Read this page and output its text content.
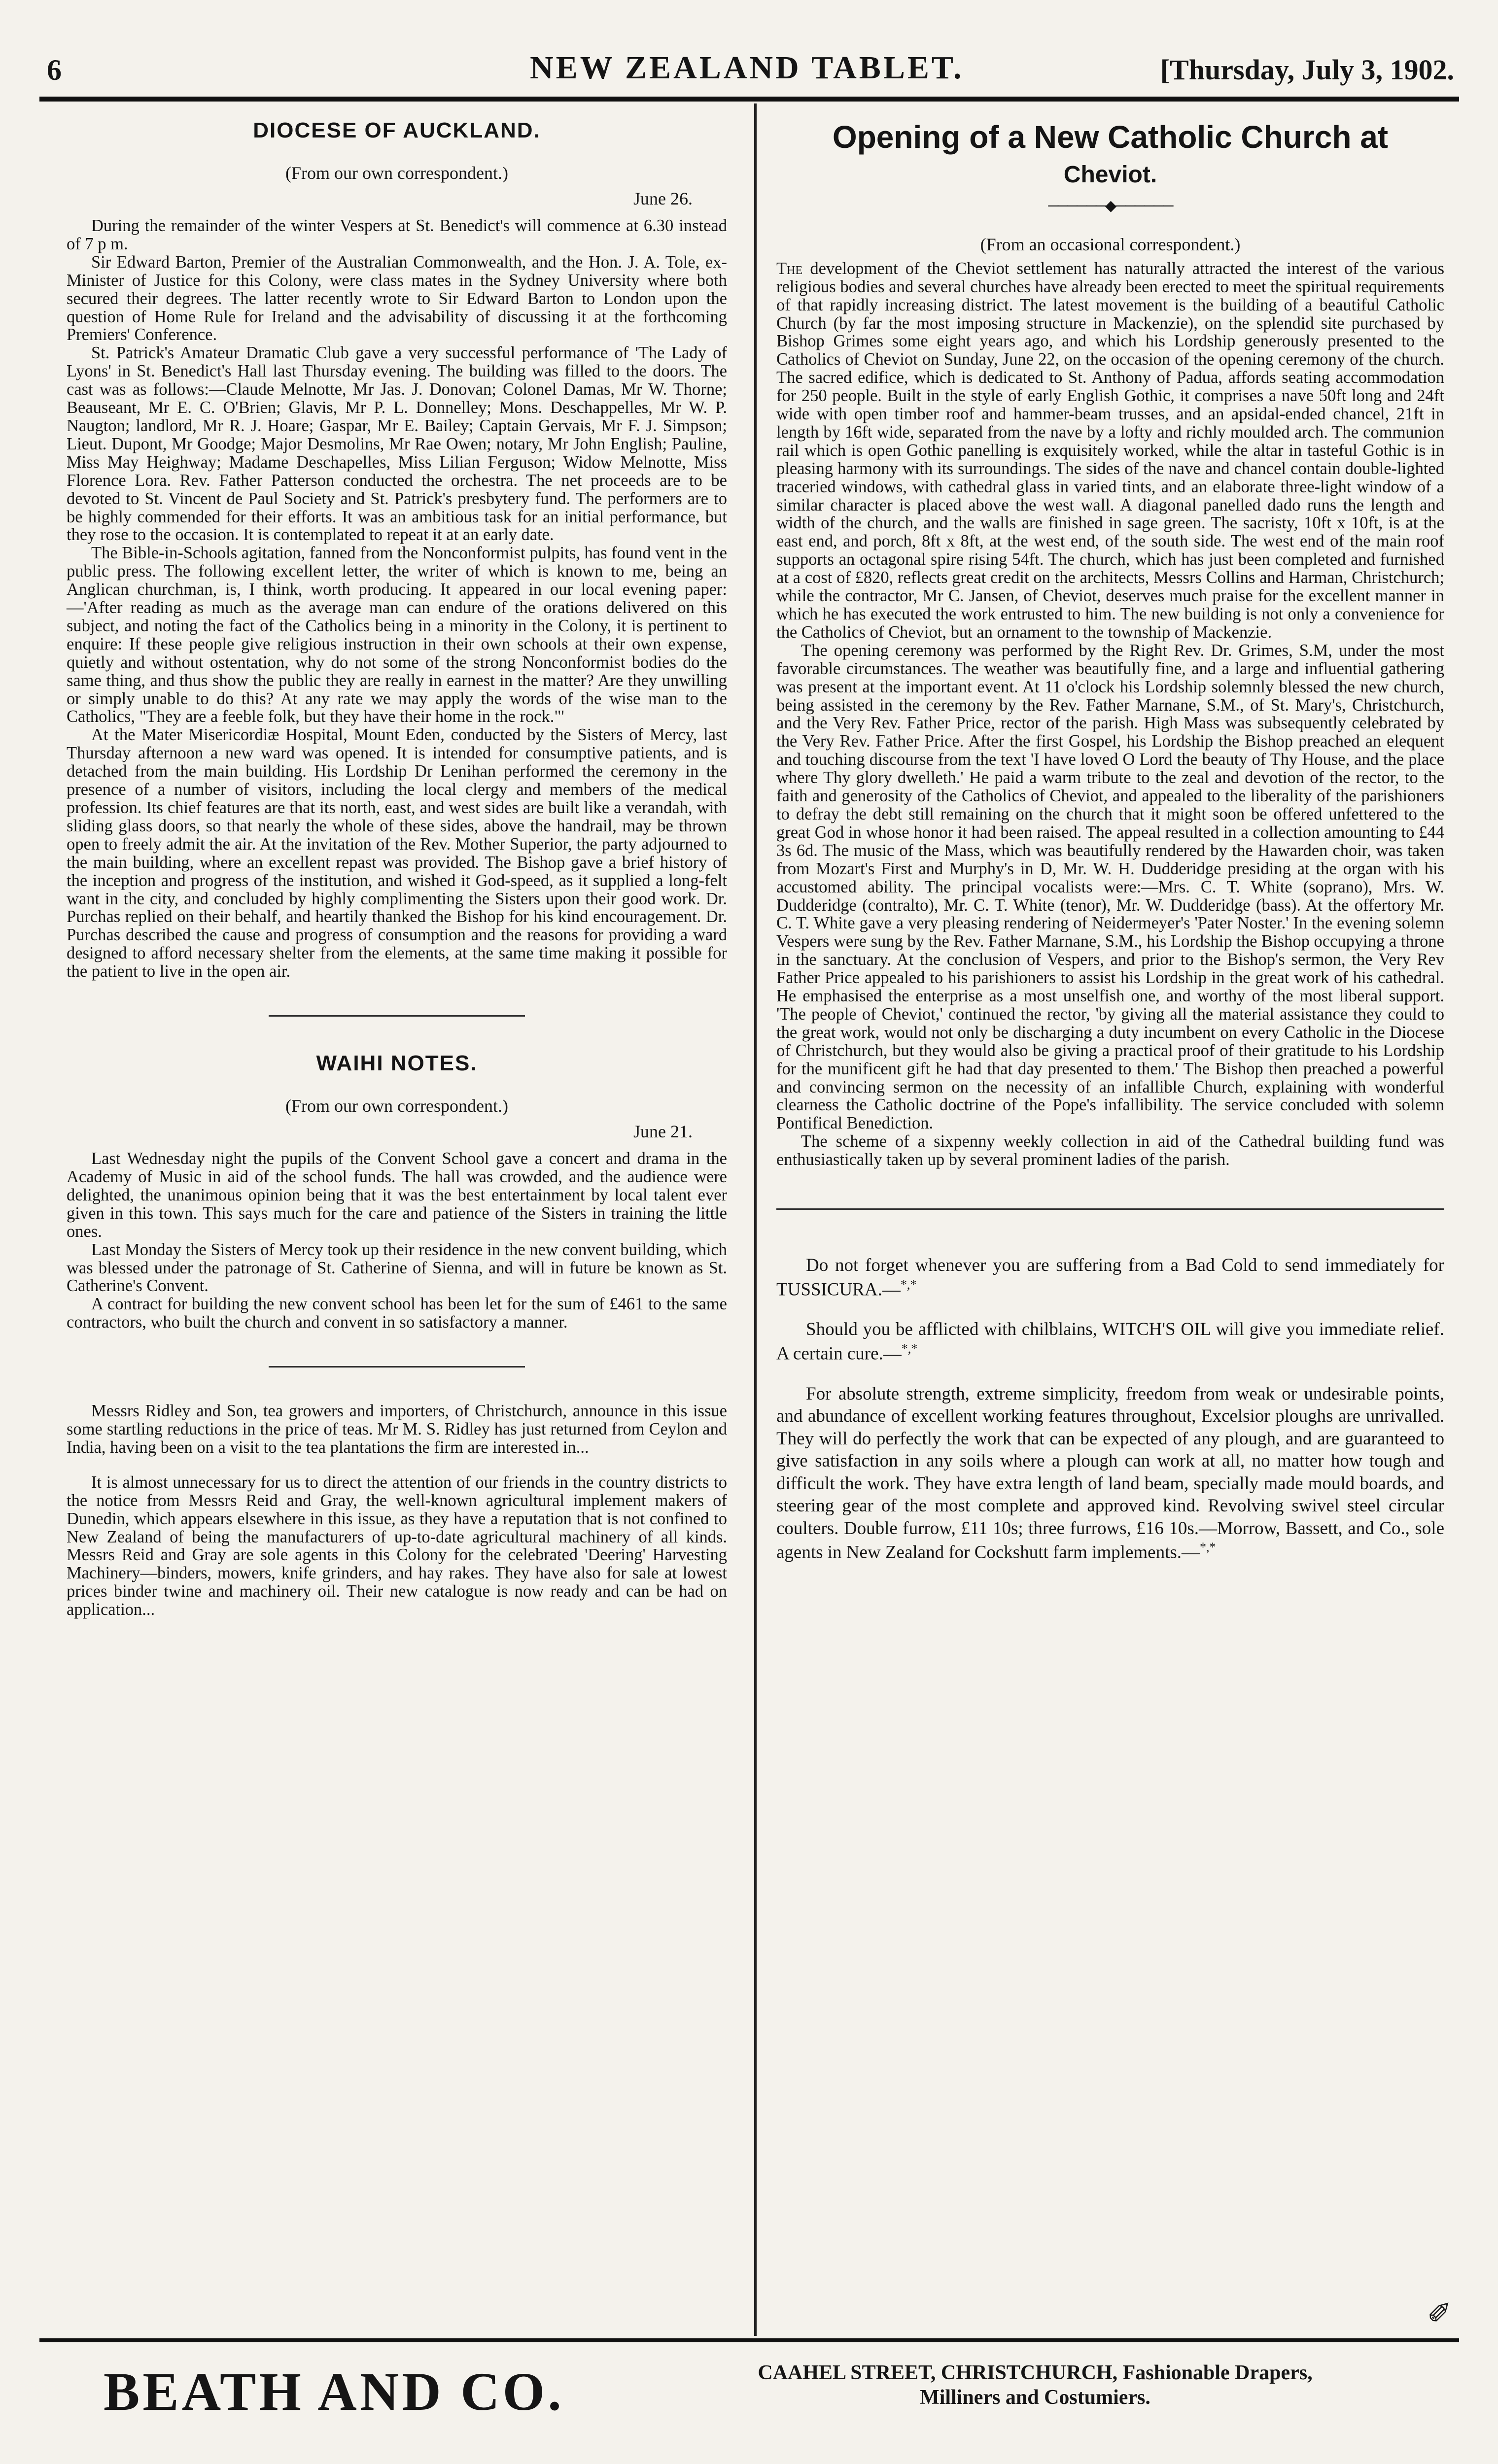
6	NEW ZEALAND TABLET.	[Thursday, July 3, 1902.
DIOCESE OF AUCKLAND.
(From our own correspondent.)
June 26.

During the remainder of the winter Vespers at St. Benedict's will commence at 6.30 instead of 7 p m.

Sir Edward Barton, Premier of the Australian Commonwealth, and the Hon. J. A. Tole, ex-Minister of Justice for this Colony, were class mates in the Sydney University where both secured their degrees. The latter recently wrote to Sir Edward Barton to London upon the question of Home Rule for Ireland and the advisability of discussing it at the forthcoming Premiers' Conference.

St. Patrick's Amateur Dramatic Club gave a very successful performance of 'The Lady of Lyons' in St. Benedict's Hall last Thursday evening. The building was filled to the doors. The cast was as follows:—Claude Melnotte, Mr Jas. J. Donovan; Colonel Damas, Mr W. Thorne; Beauseant, Mr E. C. O'Brien; Glavis, Mr P. L. Donnelley; Mons. Deschappelles, Mr W. P. Naugton; landlord, Mr R. J. Hoare; Gaspar, Mr E. Bailey; Captain Gervais, Mr F. J. Simpson; Lieut. Dupont, Mr Goodge; Major Desmolins, Mr Rae Owen; notary, Mr John English; Pauline, Miss May Heighway; Madame Deschapelles, Miss Lilian Ferguson; Widow Melnotte, Miss Florence Lora. Rev. Father Patterson conducted the orchestra. The net proceeds are to be devoted to St. Vincent de Paul Society and St. Patrick's presbytery fund. The performers are to be highly commended for their efforts. It was an ambitious task for an initial performance, but they rose to the occasion. It is contemplated to repeat it at an early date.

The Bible-in-Schools agitation, fanned from the Nonconformist pulpits, has found vent in the public press. The following excellent letter, the writer of which is known to me, being an Anglican churchman, is, I think, worth producing. It appeared in our local evening paper:—'After reading as much as the average man can endure of the orations delivered on this subject, and noting the fact of the Catholics being in a minority in the Colony, it is pertinent to enquire: If these people give religious instruction in their own schools at their own expense, quietly and without ostentation, why do not some of the strong Nonconformist bodies do the same thing, and thus show the public they are really in earnest in the matter? Are they unwilling or simply unable to do this? At any rate we may apply the words of the wise man to the Catholics, "They are a feeble folk, but they have their home in the rock."'

At the Mater Misericordiæ Hospital, Mount Eden, conducted by the Sisters of Mercy, last Thursday afternoon a new ward was opened. It is intended for consumptive patients, and is detached from the main building. His Lordship Dr Lenihan performed the ceremony in the presence of a number of visitors, including the local clergy and members of the medical profession. Its chief features are that its north, east, and west sides are built like a verandah, with sliding glass doors, so that nearly the whole of these sides, above the handrail, may be thrown open to freely admit the air. At the invitation of the Rev. Mother Superior, the party adjourned to the main building, where an excellent repast was provided. The Bishop gave a brief history of the inception and progress of the institution, and wished it God-speed, as it supplied a long-felt want in the city, and concluded by highly complimenting the Sisters upon their good work. Dr. Purchas replied on their behalf, and heartily thanked the Bishop for his kind encouragement. Dr. Purchas described the cause and progress of consumption and the reasons for providing a ward designed to afford necessary shelter from the elements, at the same time making it possible for the patient to live in the open air.

WAIHI NOTES.
(From our own correspondent.)
June 21.

Last Wednesday night the pupils of the Convent School gave a concert and drama in the Academy of Music in aid of the school funds. The hall was crowded, and the audience were delighted, the unanimous opinion being that it was the best entertainment by local talent ever given in this town. This says much for the care and patience of the Sisters in training the little ones.

Last Monday the Sisters of Mercy took up their residence in the new convent building, which was blessed under the patronage of St. Catherine of Sienna, and will in future be known as St. Catherine's Convent.

A contract for building the new convent school has been let for the sum of £461 to the same contractors, who built the church and convent in so satisfactory a manner.

Messrs Ridley and Son, tea growers and importers, of Christchurch, announce in this issue some startling reductions in the price of teas. Mr M. S. Ridley has just returned from Ceylon and India, having been on a visit to the tea plantations the firm are interested in...

It is almost unnecessary for us to direct the attention of our friends in the country districts to the notice from Messrs Reid and Gray, the well-known agricultural implement makers of Dunedin, which appears elsewhere in this issue, as they have a reputation that is not confined to New Zealand of being the manufacturers of up-to-date agricultural machinery of all kinds. Messrs Reid and Gray are sole agents in this Colony for the celebrated 'Deering' Harvesting Machinery—binders, mowers, knife grinders, and hay rakes. They have also for sale at lowest prices binder twine and machinery oil. Their new catalogue is now ready and can be had on application...

Opening of a New Catholic Church at
Cheviot.
──────◆──────
(From an occasional correspondent.)

The development of the Cheviot settlement has naturally attracted the interest of the various religious bodies and several churches have already been erected to meet the spiritual requirements of that rapidly increasing district. The latest movement is the building of a beautiful Catholic Church (by far the most imposing structure in Mackenzie), on the splendid site purchased by Bishop Grimes some eight years ago, and which his Lordship generously presented to the Catholics of Cheviot on Sunday, June 22, on the occasion of the opening ceremony of the church. The sacred edifice, which is dedicated to St. Anthony of Padua, affords seating accommodation for 250 people. Built in the style of early English Gothic, it comprises a nave 50ft long and 24ft wide with open timber roof and hammer-beam trusses, and an apsidal-ended chancel, 21ft in length by 16ft wide, separated from the nave by a lofty and richly moulded arch. The communion rail which is open Gothic panelling is exquisitely worked, while the altar in tasteful Gothic is in pleasing harmony with its surroundings. The sides of the nave and chancel contain double-lighted traceried windows, with cathedral glass in varied tints, and an elaborate three-light window of a similar character is placed above the west wall. A diagonal panelled dado runs the length and width of the church, and the walls are finished in sage green. The sacristy, 10ft x 10ft, is at the east end, and porch, 8ft x 8ft, at the west end, of the south side. The west end of the main roof supports an octagonal spire rising 54ft. The church, which has just been completed and furnished at a cost of £820, reflects great credit on the architects, Messrs Collins and Harman, Christchurch; while the contractor, Mr C. Jansen, of Cheviot, deserves much praise for the excellent manner in which he has executed the work entrusted to him. The new building is not only a convenience for the Catholics of Cheviot, but an ornament to the township of Mackenzie.

The opening ceremony was performed by the Right Rev. Dr. Grimes, S.M, under the most favorable circumstances. The weather was beautifully fine, and a large and influential gathering was present at the important event. At 11 o'clock his Lordship solemnly blessed the new church, being assisted in the ceremony by the Rev. Father Marnane, S.M., of St. Mary's, Christchurch, and the Very Rev. Father Price, rector of the parish. High Mass was subsequently celebrated by the Very Rev. Father Price. After the first Gospel, his Lordship the Bishop preached an elequent and touching discourse from the text 'I have loved O Lord the beauty of Thy House, and the place where Thy glory dwelleth.' He paid a warm tribute to the zeal and devotion of the rector, to the faith and generosity of the Catholics of Cheviot, and appealed to the liberality of the parishioners to defray the debt still remaining on the church that it might soon be offered unfettered to the great God in whose honor it had been raised. The appeal resulted in a collection amounting to £44 3s 6d. The music of the Mass, which was beautifully rendered by the Hawarden choir, was taken from Mozart's First and Murphy's in D, Mr. W. H. Dudderidge presiding at the organ with his accustomed ability. The principal vocalists were:—Mrs. C. T. White (soprano), Mrs. W. Dudderidge (contralto), Mr. C. T. White (tenor), Mr. W. Dudderidge (bass). At the offertory Mr. C. T. White gave a very pleasing rendering of Neidermeyer's 'Pater Noster.' In the evening solemn Vespers were sung by the Rev. Father Marnane, S.M., his Lordship the Bishop occupying a throne in the sanctuary. At the conclusion of Vespers, and prior to the Bishop's sermon, the Very Rev Father Price appealed to his parishioners to assist his Lordship in the great work of his cathedral. He emphasised the enterprise as a most unselfish one, and worthy of the most liberal support. 'The people of Cheviot,' continued the rector, 'by giving all the material assistance they could to the great work, would not only be discharging a duty incumbent on every Catholic in the Diocese of Christchurch, but they would also be giving a practical proof of their gratitude to his Lordship for the munificent gift he had that day presented to them.' The Bishop then preached a powerful and convincing sermon on the necessity of an infallible Church, explaining with wonderful clearness the Catholic doctrine of the Pope's infallibility. The service concluded with solemn Pontifical Benediction.

The scheme of a sixpenny weekly collection in aid of the Cathedral building fund was enthusiastically taken up by several prominent ladies of the parish.

Do not forget whenever you are suffering from a Bad Cold to send immediately for TUSSICURA.—*,*

Should you be afflicted with chilblains, WITCH'S OIL will give you immediate relief. A certain cure.—*,*

For absolute strength, extreme simplicity, freedom from weak or undesirable points, and abundance of excellent working features throughout, Excelsior ploughs are unrivalled. They will do perfectly the work that can be expected of any plough, and are guaranteed to give satisfaction in any soils where a plough can work at all, no matter how tough and difficult the work. They have extra length of land beam, specially made mould boards, and steering gear of the most complete and approved kind. Revolving swivel steel circular coulters. Double furrow, £11 10s; three furrows, £16 10s.—Morrow, Bassett, and Co., sole agents in New Zealand for Cockshutt farm implements.—*,*

✐
BEATH AND CO.	CAAHEL STREET, CHRISTCHURCH, Fashionable Drapers,
Milliners and Costumiers.
